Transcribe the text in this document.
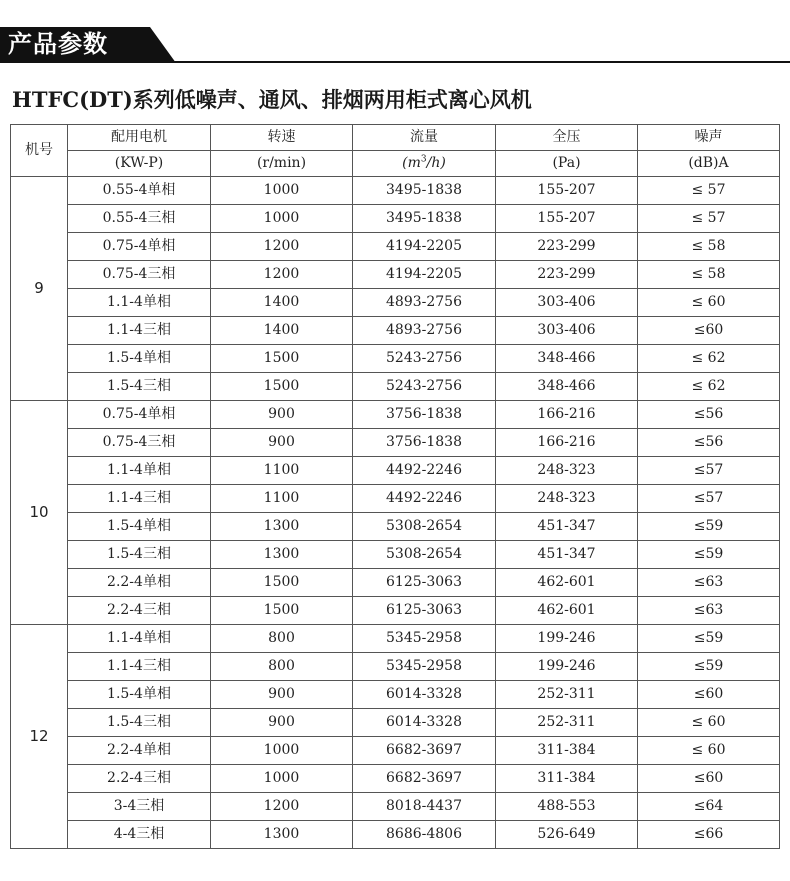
产品参数
HTFC(DT)系列低噪声、通风、排烟两用柜式离心风机
机号	配用电机	转速	流量	全压	噪声
	(KW-P)	(r/min)	$(m^3/h)$	(Pa)	(dB)A
9	0.55-4单相	1000	3495-1838	155-207	≤ 57
	0.55-4三相	1000	3495-1838	155-207	≤ 57
	0.75-4单相	1200	4194-2205	223-299	≤ 58
	0.75-4三相	1200	4194-2205	223-299	≤ 58
	1.1-4单相	1400	4893-2756	303-406	≤ 60
	1.1-4三相	1400	4893-2756	303-406	≤60
	1.5-4单相	1500	5243-2756	348-466	≤ 62
	1.5-4三相	1500	5243-2756	348-466	≤ 62
10	0.75-4单相	900	3756-1838	166-216	≤56
	0.75-4三相	900	3756-1838	166-216	≤56
	1.1-4单相	1100	4492-2246	248-323	≤57
	1.1-4三相	1100	4492-2246	248-323	≤57
	1.5-4单相	1300	5308-2654	451-347	≤59
	1.5-4三相	1300	5308-2654	451-347	≤59
	2.2-4单相	1500	6125-3063	462-601	≤63
	2.2-4三相	1500	6125-3063	462-601	≤63
12	1.1-4单相	800	5345-2958	199-246	≤59
	1.1-4三相	800	5345-2958	199-246	≤59
	1.5-4单相	900	6014-3328	252-311	≤60
	1.5-4三相	900	6014-3328	252-311	≤ 60
	2.2-4单相	1000	6682-3697	311-384	≤ 60
	2.2-4三相	1000	6682-3697	311-384	≤60
	3-4三相	1200	8018-4437	488-553	≤64
	4-4三相	1300	8686-4806	526-649	≤66
